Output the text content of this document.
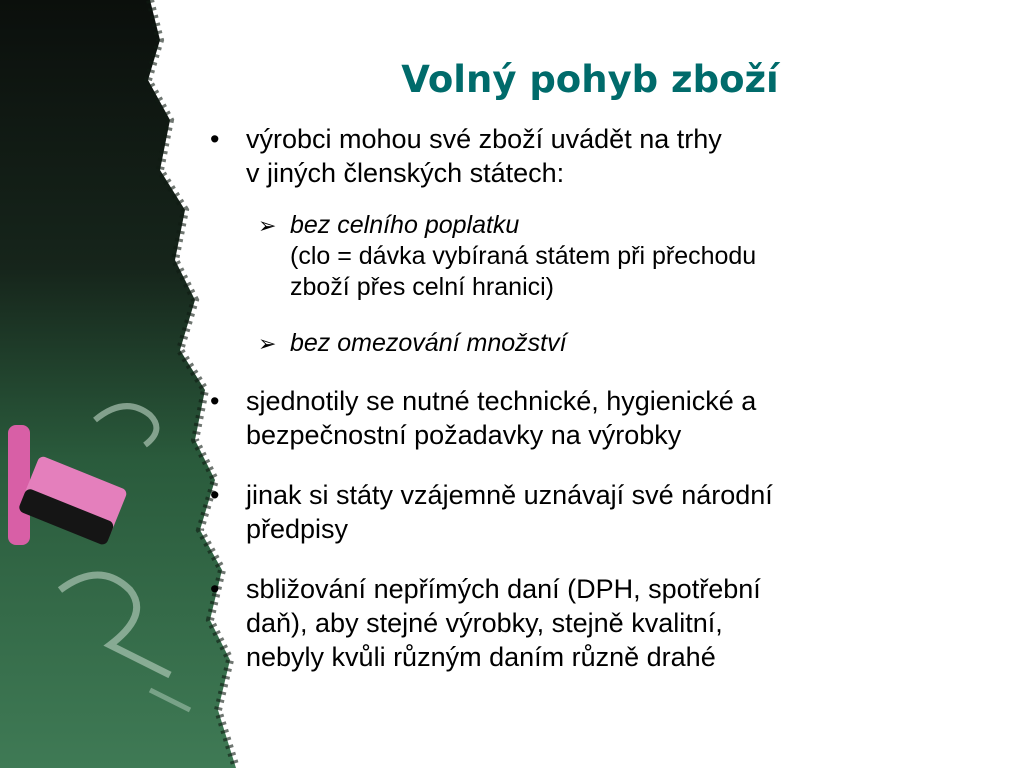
Volný pohyb zboží
• výrobci mohou své zboží uvádět na trhy
v jiných členských státech:
➢ bez celního poplatku
(clo = dávka vybíraná státem při přechodu
zboží přes celní hranici)
➢ bez omezování množství
• sjednotily se nutné technické, hygienické a
bezpečnostní požadavky na výrobky
• jinak si státy vzájemně uznávají své národní
předpisy
• sbližování nepřímých daní (DPH, spotřební
daň), aby stejné výrobky, stejně kvalitní,
nebyly kvůli různým daním různě drahé
